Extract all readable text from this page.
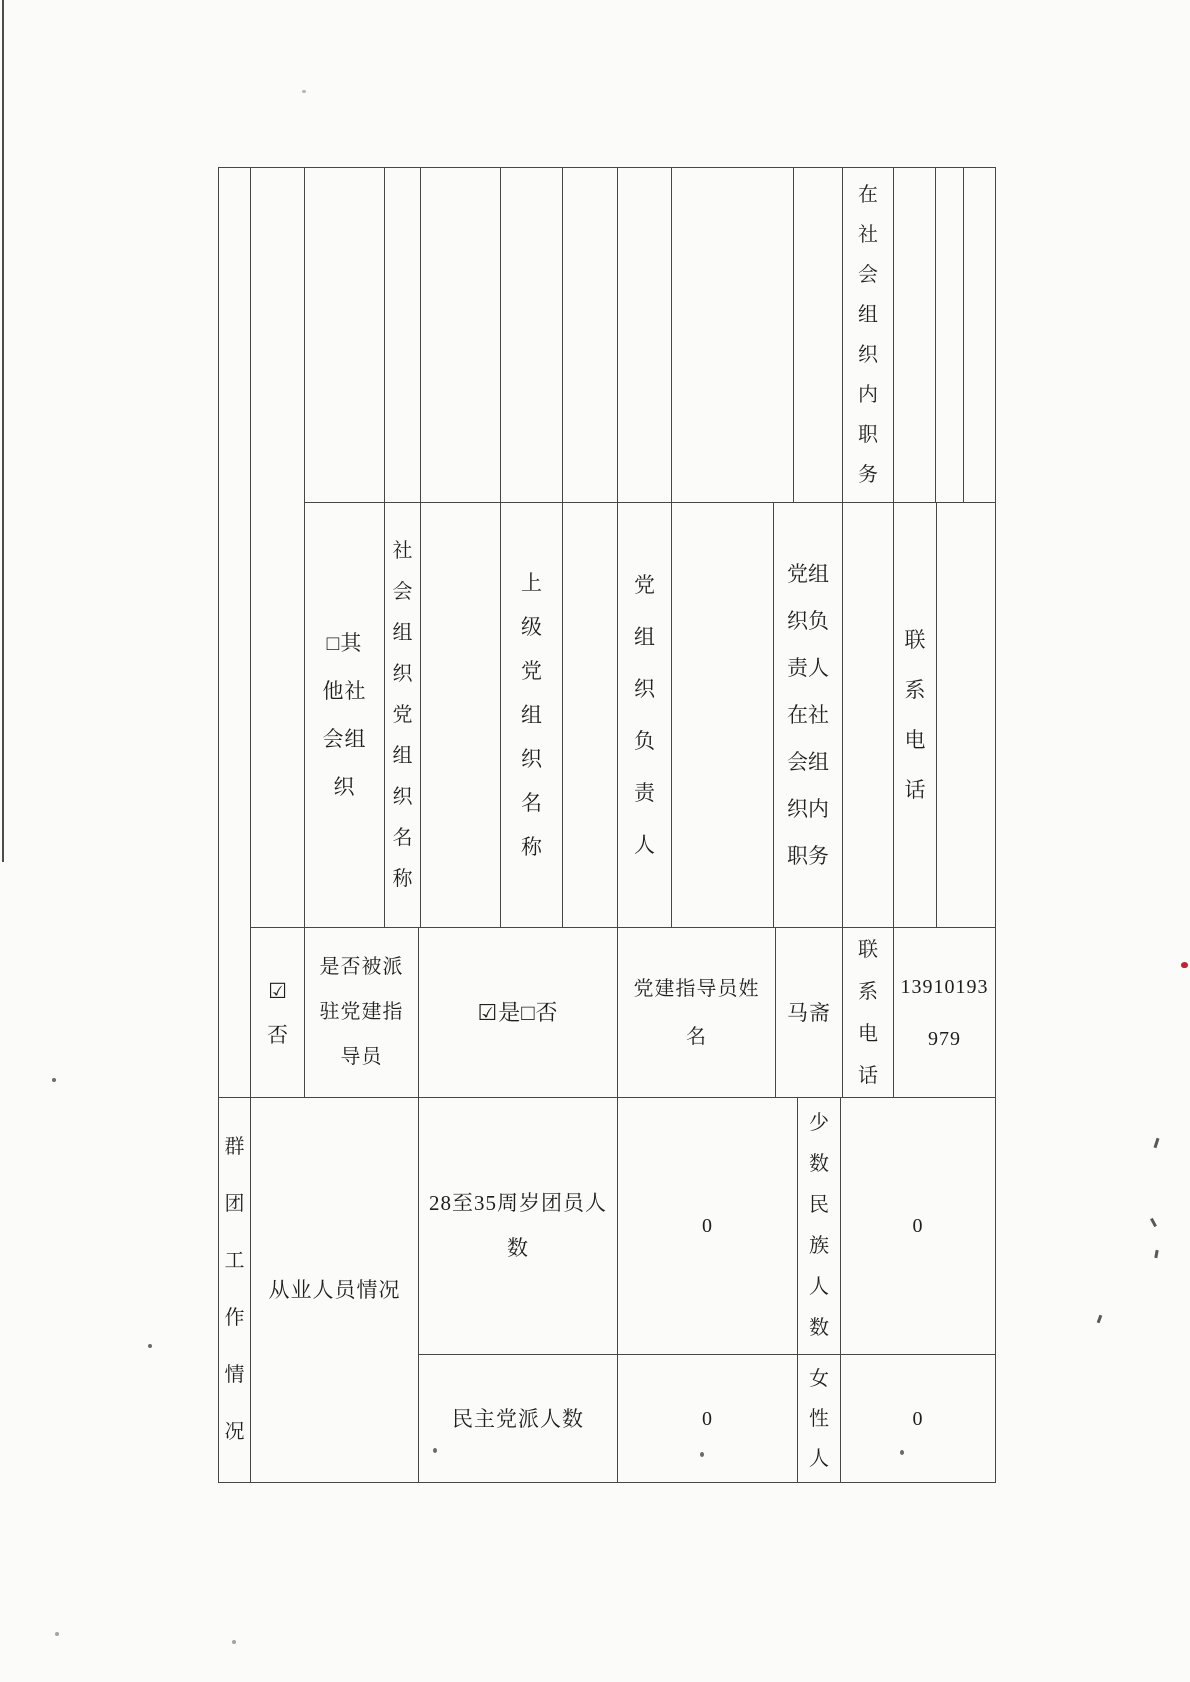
在社会组织内职务
□其他社会组织
社会组织党组织名称
上级党组织名称
党组织负责人
党组织负责人在社会组织内职务
联系电话
☑否
是否被派驻党建指导员
☑是□否
党建指导员姓名
马斋
联系电话
13910193979
群团工作情况
从业人员情况
28至35周岁团员人数
0
少数民族人数
0
民主党派人数	0
女性人
0
